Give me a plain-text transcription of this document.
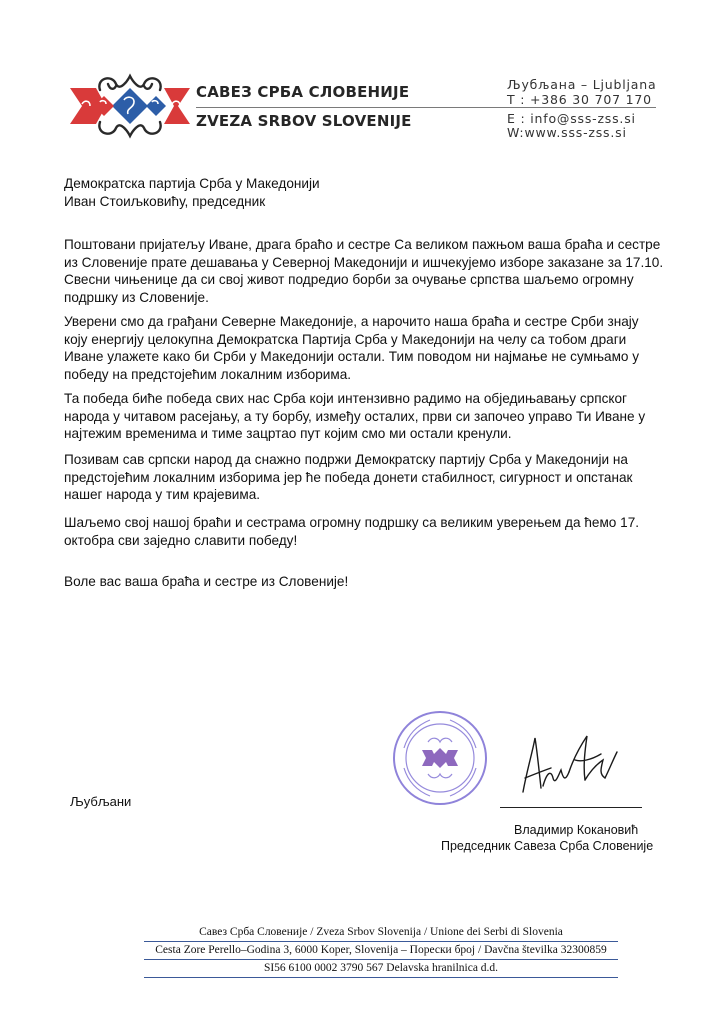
САВЕЗ СРБА СЛОВЕНИЈЕ
ZVEZA SRBOV SLOVENIJE
Љубљана – Ljubljana
T : +386 30 707 170
E : info@sss-zss.si
W:www.sss-zss.si
Демократска партија Срба у Македонији
Иван Стоиљковићу, председник

Поштовани пријатељу Иване, драга браћо и сестре Са великом пажњом ваша браћа и сестре из Словеније прате дешавања у Северној Македонији и ишчекујемо изборе заказане за 17.10. Свесни чињенице да си свој живот подредио борби за очување српства шаљемо огромну подршку из Словеније.

Уверени смо да грађани Северне Македоније, а нарочито наша браћа и сестре Срби знају коју енергију целокупна Демократска Партија Срба у Македонији на челу са тобом драги Иване улажете како би Срби у Македонији остали. Тим поводом ни најмање не сумњамо у победу на предстојећим локалним изборима.

Та победа биће победа свих нас Срба који интензивно радимо на обједињавању српског народа у читавом расејању, а ту борбу, између осталих, први си започео управо Ти Иване у најтежим временима и тиме зацртао пут којим смо ми остали кренули.

Позивам сав српски народ да снажно подржи Демократску партију Срба у Македонији на предстојећим локалним изборима јер ће победа донети стабилност, сигурност и опстанак нашег народа у тим крајевима.

Шаљемо свој нашој браћи и сестрама огромну подршку са великим уверењем да ћемо 17. октобра сви заједно славити победу!

Воле вас ваша браћа и сестре из Словеније!

Љубљани
Владимир Кокановић
Председник Савеза Срба Словеније
Савез Срба Словеније / Zveza Srbov Slovenija / Unione dei Serbi di Slovenia
Cesta Zore Perello–Godina 3, 6000 Koper, Slovenija – Порески број / Davčna številka 32300859
SI56 6100 0002 3790 567 Delavska hranilnica d.d.
